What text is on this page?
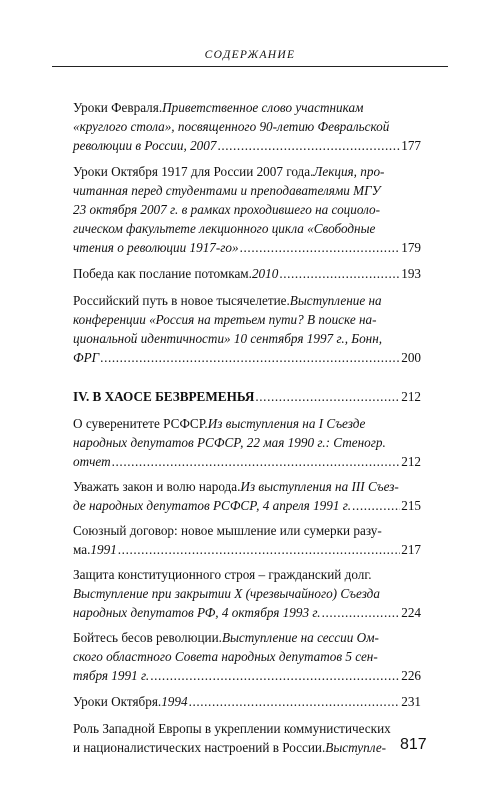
СОДЕРЖАНИЕ
Уроки Февраля. Приветственное слово участникам
«круглого стола», посвященного 90-летию Февральской
революции в России, 2007 .....	177
Уроки Октября 1917 для России 2007 года. Лекция, про-
читанная перед студентами и преподавателями МГУ
23 октября 2007 г. в рамках проходившего на социоло-
гическом факультете лекционного цикла «Свободные
чтения о революции 1917-го» .....	179
Победа как послание потомкам. 2010 .....	193
Российский путь в новое тысячелетие. Выступление на
конференции «Россия на третьем пути? В поиске на-
циональной идентичности» 10 сентября 1997 г., Бонн,
ФРГ .....	200
IV. В ХАОСЕ БЕЗВРЕМЕНЬЯ .....	212
О суверенитете РСФСР. Из выступления на I Съезде
народных депутатов РСФСР, 22 мая 1990 г.: Стеногр.
отчет .....	212
Уважать закон и волю народа. Из выступления на III Съез-
де народных депутатов РСФСР, 4 апреля 1991 г. .....	215
Союзный договор: новое мышление или сумерки разу-
ма. 1991 .....	217
Защита конституционного строя – гражданский долг.
Выступление при закрытии X (чрезвычайного) Съезда
народных депутатов РФ, 4 октября 1993 г. .....	224
Бойтесь бесов революции. Выступление на сессии Ом-
ского областного Совета народных депутатов 5 сен-
тября 1991 г. .....	226
Уроки Октября. 1994 .....	231
Роль Западной Европы в укреплении коммунистических
и националистических настроений в России. Выступле- 817
